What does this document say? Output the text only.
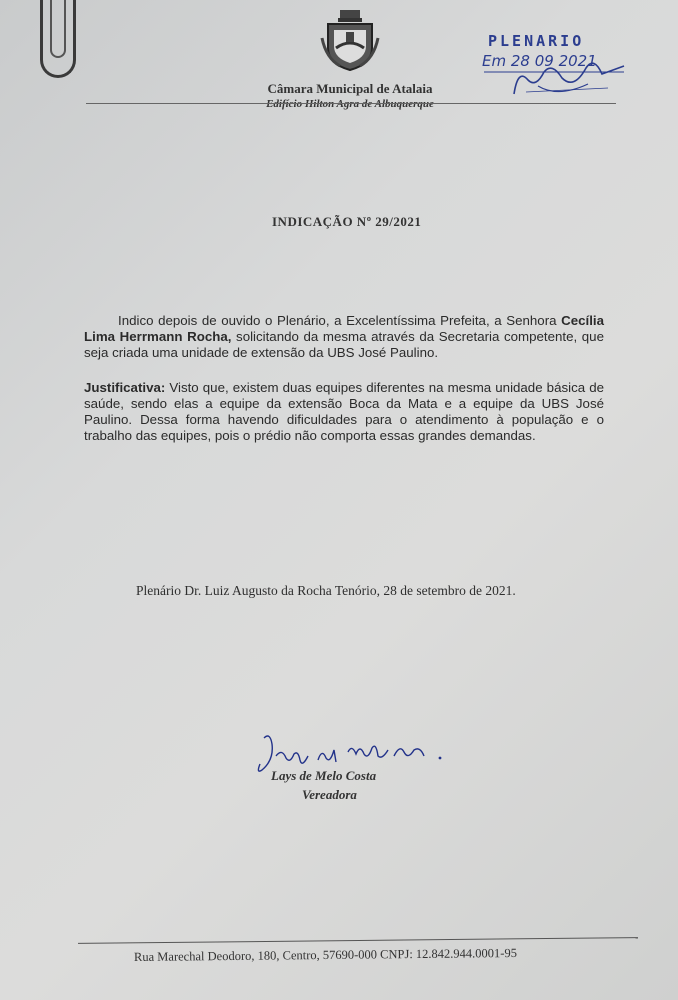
Câmara Municipal de Atalaia
Edifício Hilton Agra de Albuquerque
PLENARIO
Em 28 09 2021
INDICAÇÃO Nº 29/2021
Indico depois de ouvido o Plenário, a Excelentíssima Prefeita, a Senhora Cecília Lima Herrmann Rocha, solicitando da mesma através da Secretaria competente, que seja criada uma unidade de extensão da UBS José Paulino.
Justificativa: Visto que, existem duas equipes diferentes na mesma unidade básica de saúde, sendo elas a equipe da extensão Boca da Mata e a equipe da UBS José Paulino. Dessa forma havendo dificuldades para o atendimento à população e o trabalho das equipes, pois o prédio não comporta essas grandes demandas.
Plenário Dr. Luiz Augusto da Rocha Tenório, 28 de setembro de 2021.
Lays de Melo Costa
Vereadora
Rua Marechal Deodoro, 180, Centro, 57690-000 CNPJ: 12.842.944.0001-95
